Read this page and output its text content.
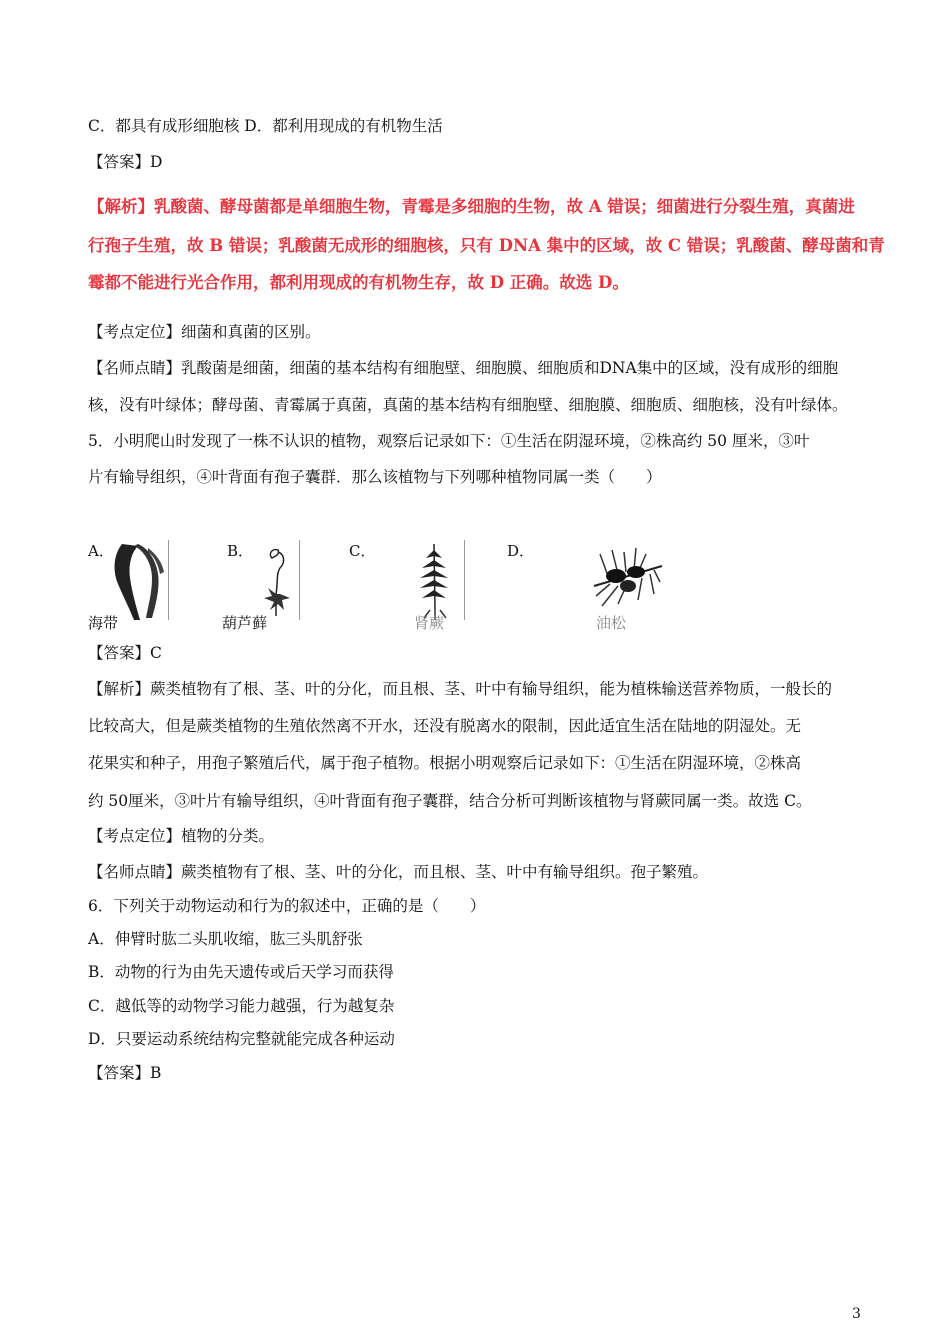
C．都具有成形细胞核 D．都利用现成的有机物生活
【答案】D
【解析】乳酸菌、酵母菌都是单细胞生物，青霉是多细胞的生物，故 A 错误；细菌进行分裂生殖，真菌进
行孢子生殖，故 B 错误；乳酸菌无成形的细胞核，只有 DNA 集中的区域，故 C 错误；乳酸菌、酵母菌和青
霉都不能进行光合作用，都利用现成的有机物生存，故 D 正确。故选 D。
【考点定位】细菌和真菌的区别。
【名师点睛】乳酸菌是细菌，细菌的基本结构有细胞壁、细胞膜、细胞质和DNA集中的区域，没有成形的细胞
核，没有叶绿体；酵母菌、青霉属于真菌，真菌的基本结构有细胞壁、细胞膜、细胞质、细胞核，没有叶绿体。
5．小明爬山时发现了一株不认识的植物，观察后记录如下：①生活在阴湿环境，②株高约 50 厘米，③叶
片有输导组织，④叶背面有孢子囊群．那么该植物与下列哪种植物同属一类（　　）
A．	B．	C．	D．
海带	葫芦藓	肾蕨	油松
【答案】C
【解析】蕨类植物有了根、茎、叶的分化，而且根、茎、叶中有输导组织，能为植株输送营养物质，一般长的
比较高大，但是蕨类植物的生殖依然离不开水，还没有脱离水的限制，因此适宜生活在陆地的阴湿处。无
花果实和种子，用孢子繁殖后代，属于孢子植物。根据小明观察后记录如下：①生活在阴湿环境，②株高
约 50厘米，③叶片有输导组织，④叶背面有孢子囊群，结合分析可判断该植物与肾蕨同属一类。故选 C。
【考点定位】植物的分类。
【名师点睛】蕨类植物有了根、茎、叶的分化，而且根、茎、叶中有输导组织。孢子繁殖。
6．下列关于动物运动和行为的叙述中，正确的是（　　）
A．伸臂时肱二头肌收缩，肱三头肌舒张
B．动物的行为由先天遗传或后天学习而获得
C．越低等的动物学习能力越强，行为越复杂
D．只要运动系统结构完整就能完成各种运动
【答案】B
3
